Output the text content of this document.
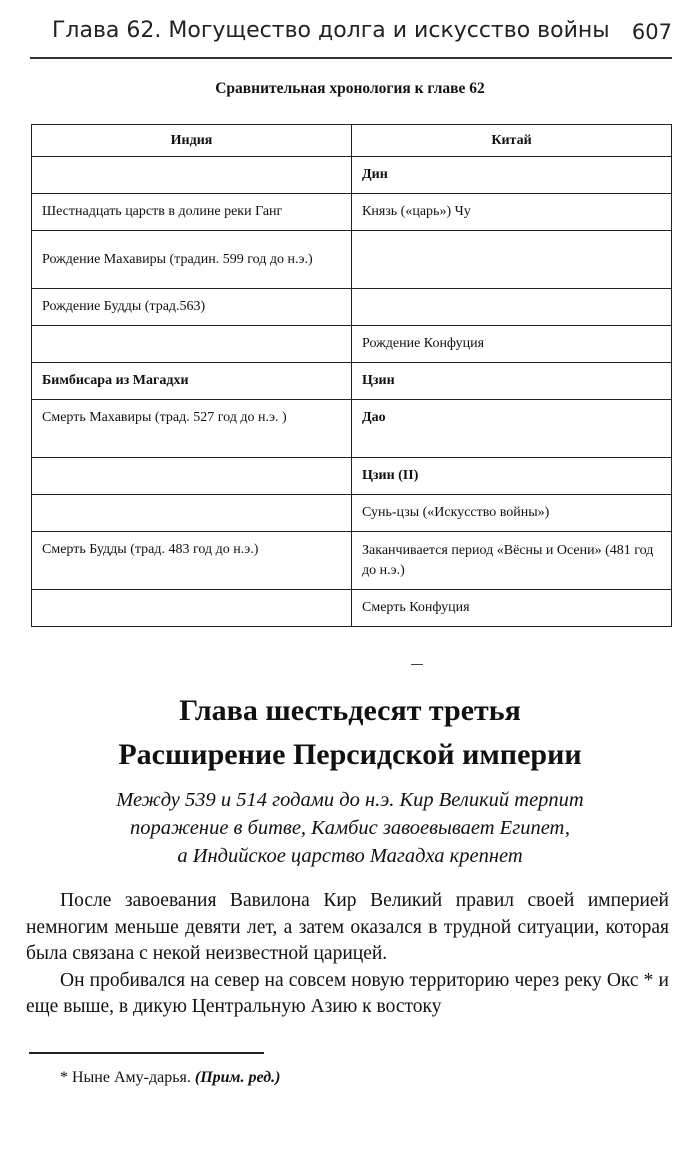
Глава 62. Могущество долга и искусство войны 607
Сравнительная хронология к главе 62
Индия	Китай
	Дин
Шестнадцать царств в долине реки Ганг	Князь («царь») Чу
Рождение Махавиры (традин. 599 год до н.э.)	
Рождение Будды (трад.563)	
	Рождение Конфуция
Бимбисара из Магадхи	Цзин
Смерть Махавиры (трад. 527 год до н.э. )	Дао
	Цзин (II)
	Сунь-цзы («Искусство войны»)
Смерть Будды (трад. 483 год до н.э.)	Заканчивается период «Вёсны и Осени» (481 год до н.э.)
	Смерть Конфуция
Глава шестьдесят третья
Расширение Персидской империи
Между 539 и 514 годами до н.э. Кир Великий терпит
поражение в битве, Камбис завоевывает Египет,
а Индийское царство Магадха крепнет

После завоевания Вавилона Кир Великий правил своей империей немногим меньше девяти лет, а затем оказался в трудной ситуации, которая была связана с некой неизвестной царицей.

Он пробивался на север на совсем новую территорию через реку Окс * и еще выше, в дикую Центральную Азию к востоку

* Ныне Аму-дарья. (Прим. ред.)
